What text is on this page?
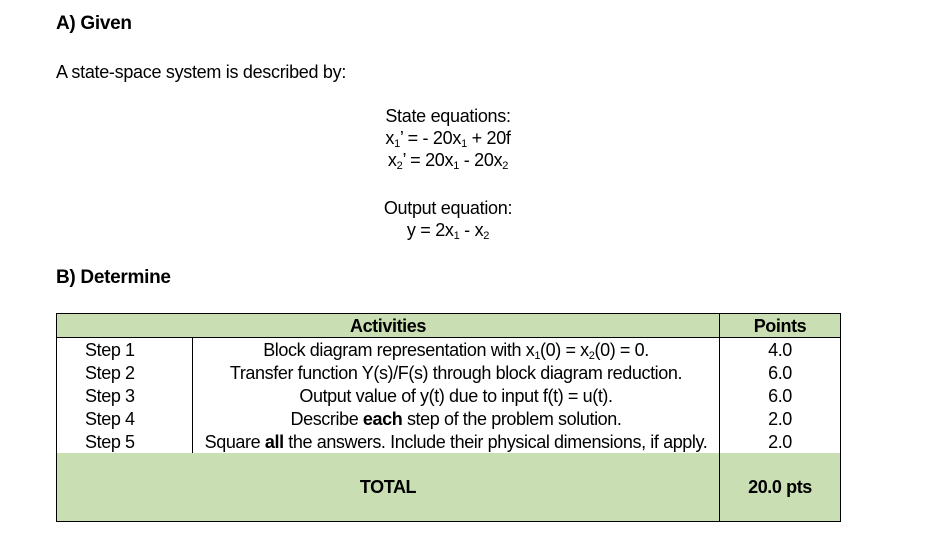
A) Given
A state-space system is described by:
State equations:
$x_1$’ = - $20x_1 + 20f$
$x_2$’ = $20x_1 - 20x_2$
Output equation:
$y = 2x_1 - x_2$
B) Determine
Activities		Points
Step 1	Block diagram representation with $x_1(0) = x_2(0) = 0$.	4.0
Step 2	Transfer function Y(s)/F(s) through block diagram reduction.	6.0
Step 3	Output value of y(t) due to input f(t) = u(t).	6.0
Step 4	Describe each step of the problem solution.	2.0
Step 5	Square all the answers. Include their physical dimensions, if apply.	2.0
TOTAL		20.0 pts
